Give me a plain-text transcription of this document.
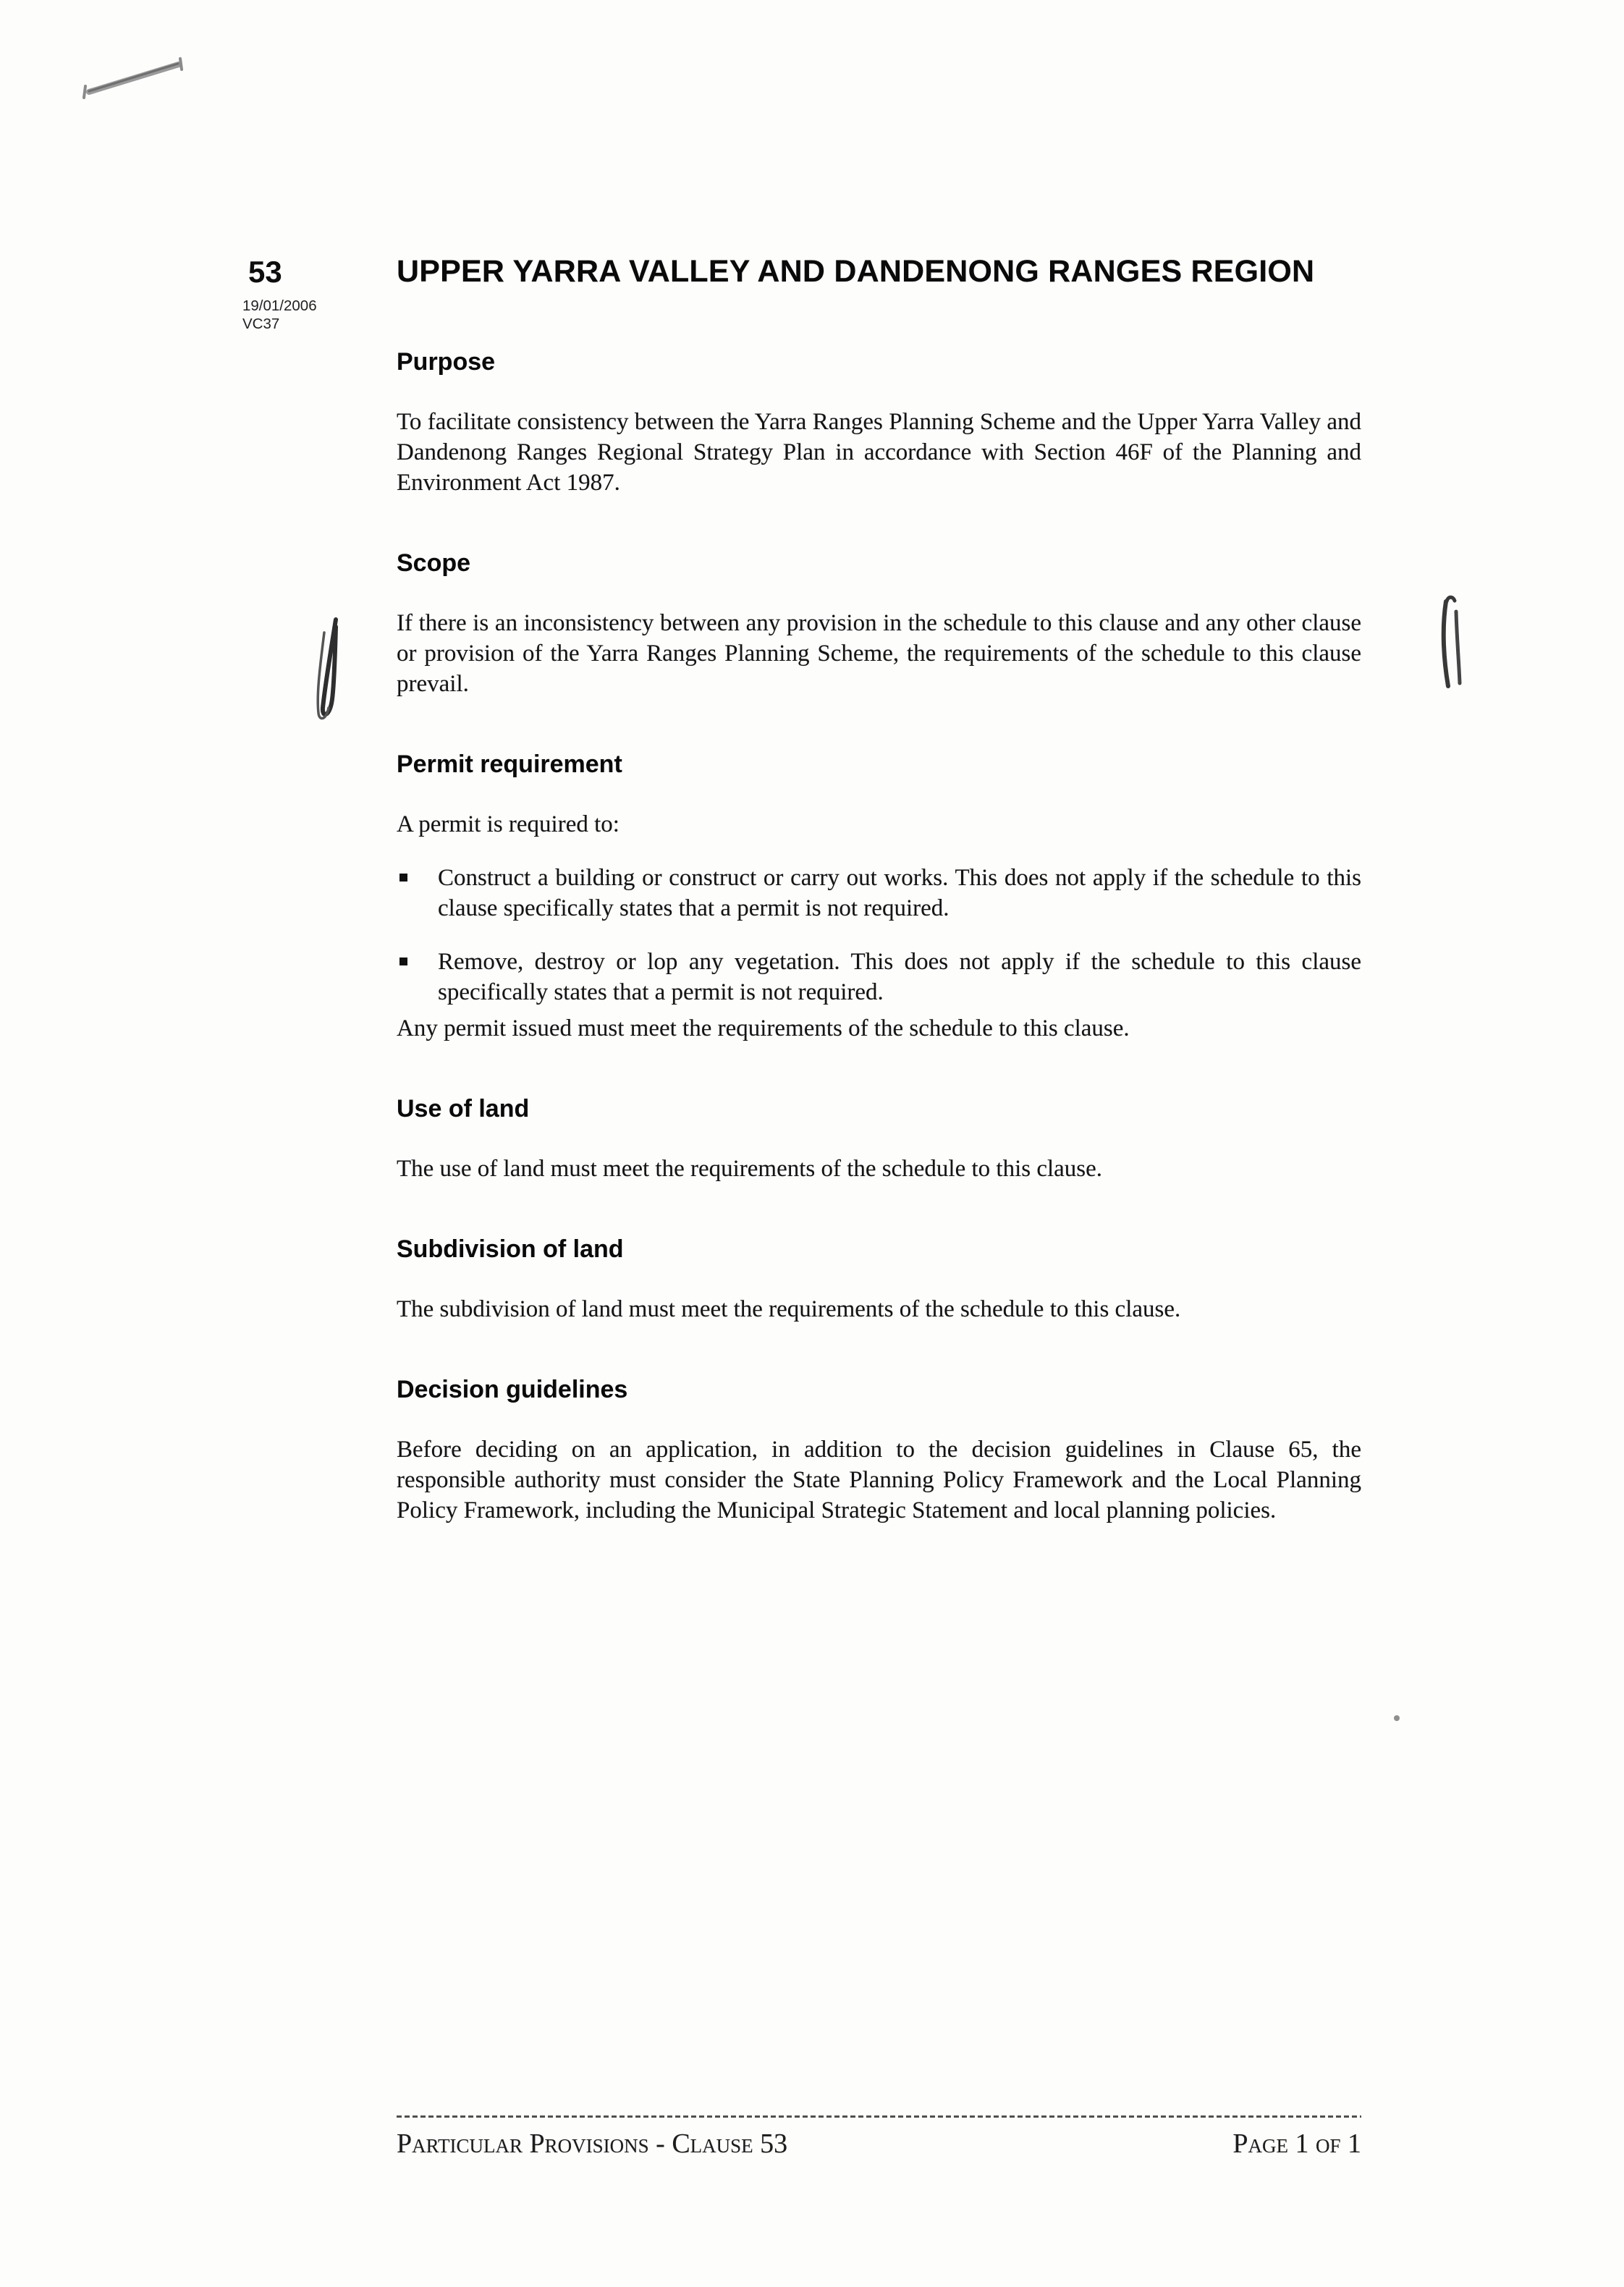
53
19/01/2006
VC37
UPPER YARRA VALLEY AND DANDENONG RANGES REGION
Purpose

To facilitate consistency between the Yarra Ranges Planning Scheme and the Upper Yarra Valley and Dandenong Ranges Regional Strategy Plan in accordance with Section 46F of the Planning and Environment Act 1987.

Scope

If there is an inconsistency between any provision in the schedule to this clause and any other clause or provision of the Yarra Ranges Planning Scheme, the requirements of the schedule to this clause prevail.

Permit requirement

A permit is required to:

Construct a building or construct or carry out works. This does not apply if the schedule to this clause specifically states that a permit is not required.

Remove, destroy or lop any vegetation. This does not apply if the schedule to this clause specifically states that a permit is not required.

Any permit issued must meet the requirements of the schedule to this clause.

Use of land

The use of land must meet the requirements of the schedule to this clause.

Subdivision of land

The subdivision of land must meet the requirements of the schedule to this clause.

Decision guidelines

Before deciding on an application, in addition to the decision guidelines in Clause 65, the responsible authority must consider the State Planning Policy Framework and the Local Planning Policy Framework, including the Municipal Strategic Statement and local planning policies.

Particular Provisions - Clause 53	Page 1 of 1
